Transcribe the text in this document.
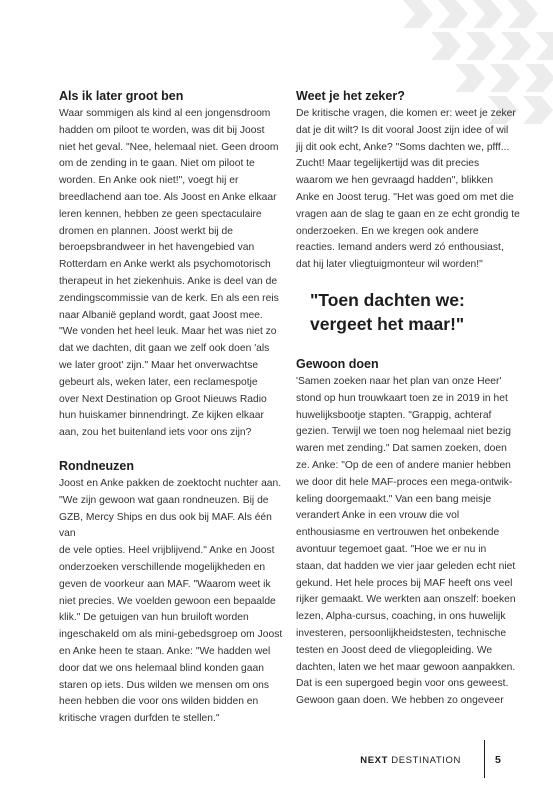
Als ik later groot ben

Waar sommigen als kind al een jongensdroom
hadden om piloot te worden, was dit bij Joost
niet het geval. "Nee, helemaal niet. Geen droom
om de zending in te gaan. Niet om piloot te
worden. En Anke ook niet!", voegt hij er
breedlachend aan toe. Als Joost en Anke elkaar
leren kennen, hebben ze geen spectaculaire
dromen en plannen. Joost werkt bij de
beroepsbrandweer in het havengebied van
Rotterdam en Anke werkt als psychomotorisch
therapeut in het ziekenhuis. Anke is deel van de
zendingscommissie van de kerk. En als een reis
naar Albanië gepland wordt, gaat Joost mee.
"We vonden het heel leuk. Maar het was niet zo
dat we dachten, dit gaan we zelf ook doen 'als
we later groot' zijn." Maar het onverwachtse
gebeurt als, weken later, een reclamespotje
over Next Destination op Groot Nieuws Radio
hun huiskamer binnendringt. Ze kijken elkaar
aan, zou het buitenland iets voor ons zijn?

Rondneuzen

Joost en Anke pakken de zoektocht nuchter aan.
"We zijn gewoon wat gaan rondneuzen. Bij de
GZB, Mercy Ships en dus ook bij MAF. Als één van
de vele opties. Heel vrijblijvend." Anke en Joost
onderzoeken verschillende mogelijkheden en
geven de voorkeur aan MAF. "Waarom weet ik
niet precies. We voelden gewoon een bepaalde
klik." De getuigen van hun bruiloft worden
ingeschakeld om als mini-gebedsgroep om Joost
en Anke heen te staan. Anke: "We hadden wel
door dat we ons helemaal blind konden gaan
staren op iets. Dus wilden we mensen om ons
heen hebben die voor ons wilden bidden en
kritische vragen durfden te stellen."

Weet je het zeker?

De kritische vragen, die komen er: weet je zeker
dat je dit wilt? Is dit vooral Joost zijn idee of wil
jij dit ook echt, Anke? "Soms dachten we, pfff...
Zucht! Maar tegelijkertijd was dit precies
waarom we hen gevraagd hadden", blikken
Anke en Joost terug. "Het was goed om met die
vragen aan de slag te gaan en ze echt grondig te
onderzoeken. En we kregen ook andere
reacties. Iemand anders werd zó enthousiast,
dat hij later vliegtuigmonteur wil worden!"

"Toen dachten we:
vergeet het maar!"
Gewoon doen

'Samen zoeken naar het plan van onze Heer'
stond op hun trouwkaart toen ze in 2019 in het
huwelijksbootje stapten. "Grappig, achteraf
gezien. Terwijl we toen nog helemaal niet bezig
waren met zending." Dat samen zoeken, doen
ze. Anke: "Op de een of andere manier hebben
we door dit hele MAF-proces een mega-ontwik-
keling doorgemaakt." Van een bang meisje
verandert Anke in een vrouw die vol
enthousiasme en vertrouwen het onbekende
avontuur tegemoet gaat. "Hoe we er nu in
staan, dat hadden we vier jaar geleden echt niet
gekund. Het hele proces bij MAF heeft ons veel
rijker gemaakt. We werkten aan onszelf: boeken
lezen, Alpha-cursus, coaching, in ons huwelijk
investeren, persoonlijkheidstesten, technische
testen en Joost deed de vliegopleiding. We
dachten, laten we het maar gewoon aanpakken.
Dat is een supergoed begin voor ons geweest.
Gewoon gaan doen. We hebben zo ongeveer

NEXT DESTINATION	5
